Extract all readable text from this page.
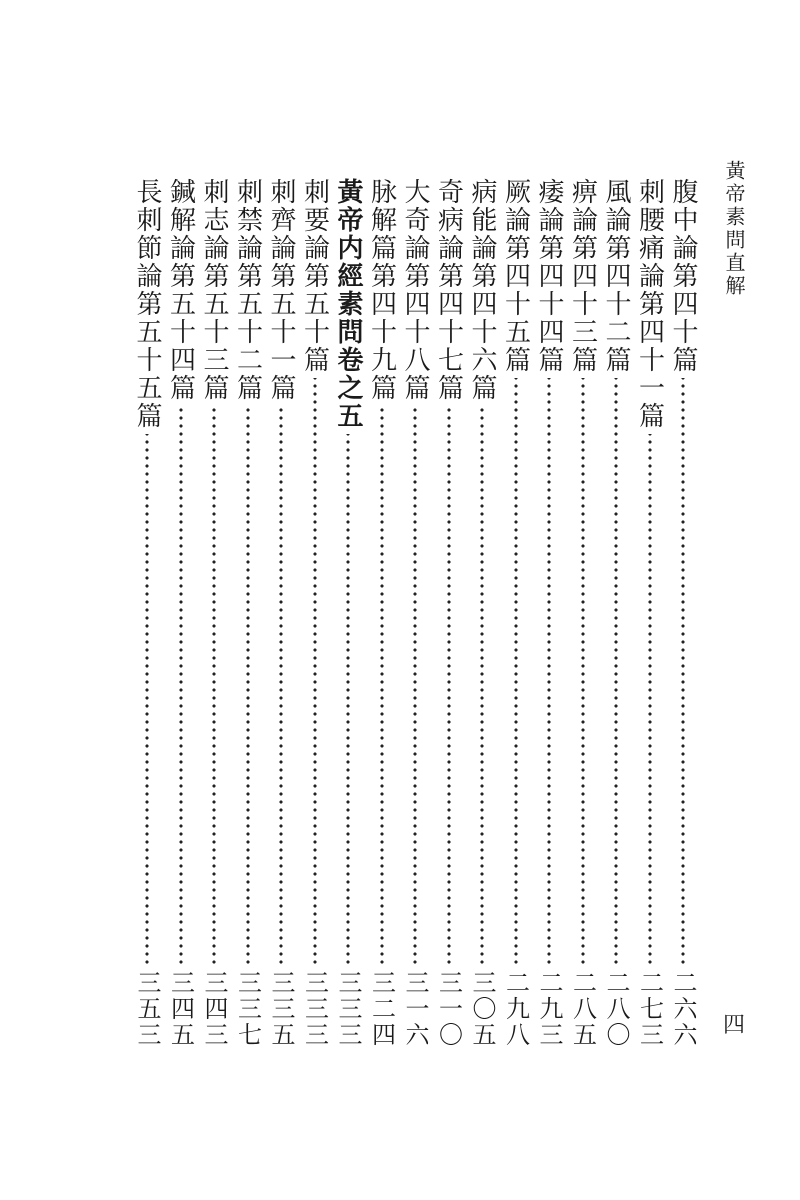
黃帝素問直解
四
腹中論第四十篇
二六六
刺腰痛論第四十一篇
二七三
風論第四十二篇
二八〇
痹論第四十三篇
二八五
痿論第四十四篇
二九三
厥論第四十五篇
二九八
病能論第四十六篇
三〇五
奇病論第四十七篇
三一〇
大奇論第四十八篇
三一六
脉解篇第四十九篇
三二四
黃帝内經素問卷之五
三三三
刺要論第五十篇
三三三
刺齊論第五十一篇
三三五
刺禁論第五十二篇
三三七
刺志論第五十三篇
三四三
鍼解論第五十四篇
三四五
長刺節論第五十五篇
三五三
